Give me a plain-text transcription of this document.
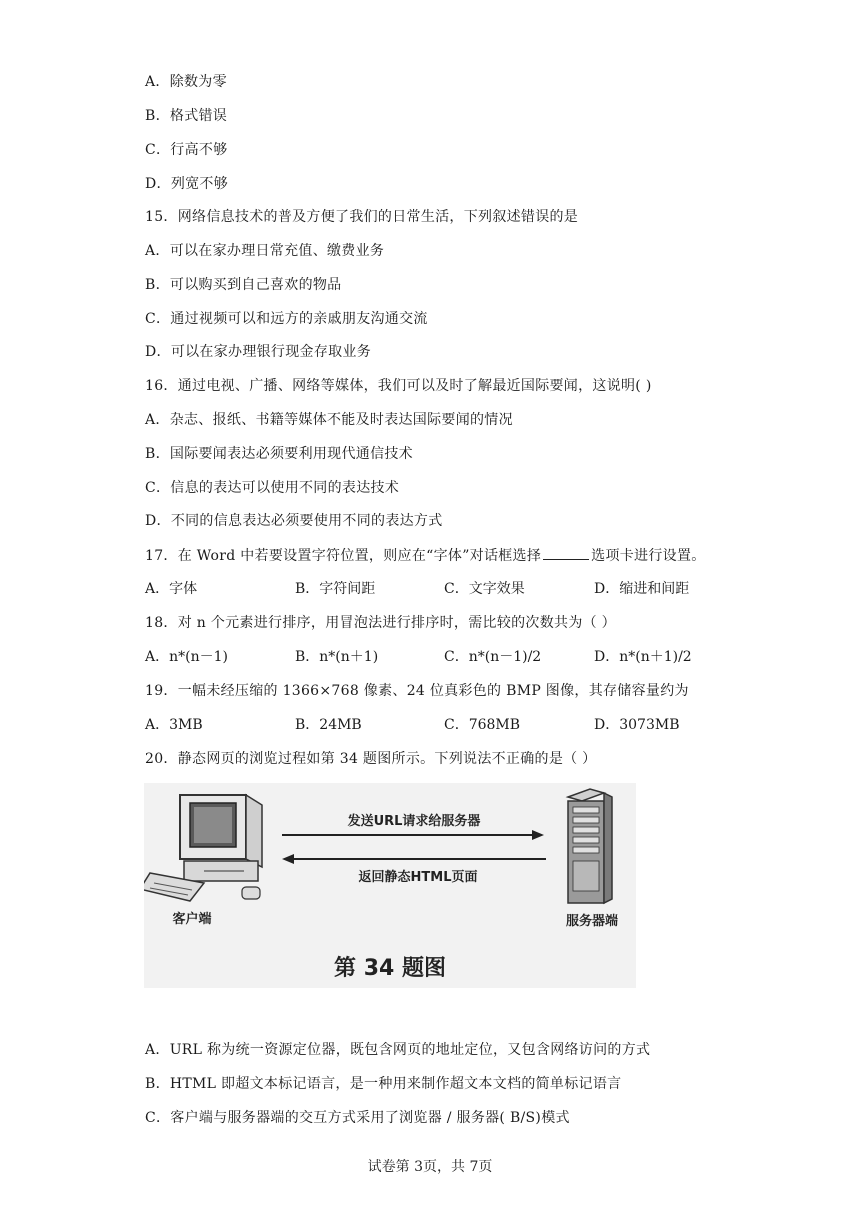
A．除数为零
B．格式错误
C．行高不够
D．列宽不够
15．网络信息技术的普及方便了我们的日常生活，下列叙述错误的是
A．可以在家办理日常充值、缴费业务
B．可以购买到自己喜欢的物品
C．通过视频可以和远方的亲戚朋友沟通交流
D．可以在家办理银行现金存取业务
16．通过电视、广播、网络等媒体，我们可以及时了解最近国际要闻，这说明( )
A．杂志、报纸、书籍等媒体不能及时表达国际要闻的情况
B．国际要闻表达必须要利用现代通信技术
C．信息的表达可以使用不同的表达技术
D．不同的信息表达必须要使用不同的表达方式
17．在 Word 中若要设置字符位置，则应在“字体”对话框选择	选项卡进行设置。
A．字体	B．字符间距	C．文字效果	D．缩进和间距
18．对 n 个元素进行排序，用冒泡法进行排序时，需比较的次数共为（ ）
A．n*(n－1)	B．n*(n＋1)	C．n*(n－1)/2	D．n*(n＋1)/2
19．一幅未经压缩的 1366×768 像素、24 位真彩色的 BMP 图像，其存储容量约为
A．3MB	B．24MB	C．768MB	D．3073MB
20．静态网页的浏览过程如第 34 题图所示。下列说法不正确的是（ ）
发送URL请求给服务器
返回静态HTML页面
客户端	服务器端
第 34 题图
A．URL 称为统一资源定位器，既包含网页的地址定位，又包含网络访问的方式
B．HTML 即超文本标记语言，是一种用来制作超文本文档的简单标记语言
C．客户端与服务器端的交互方式采用了浏览器 / 服务器( B/S)模式
试卷第 3页，共 7页
